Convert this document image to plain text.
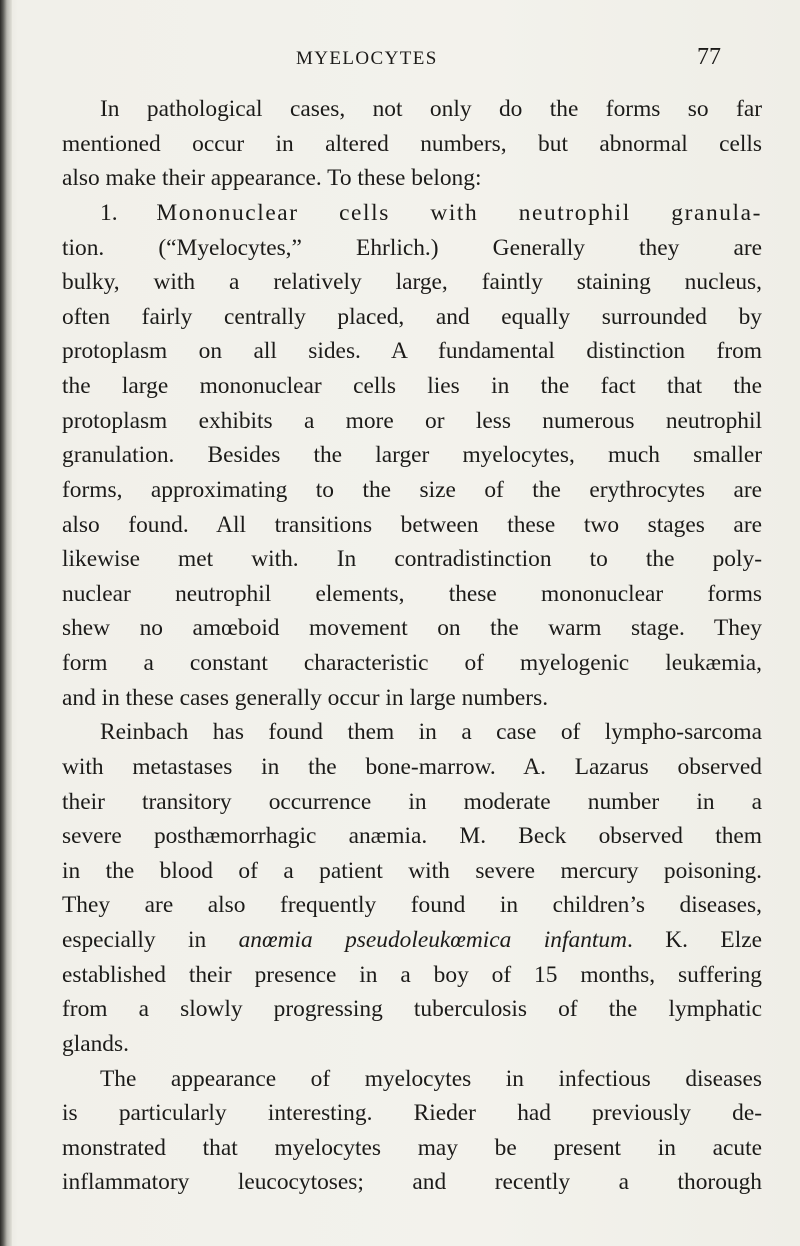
MYELOCYTES	77
In pathological cases, not only do the forms so far
mentioned occur in altered numbers, but abnormal cells
also make their appearance. To these belong:
1. Mononuclear cells with neutrophil granula-
tion. (“Myelocytes,” Ehrlich.) Generally they are
bulky, with a relatively large, faintly staining nucleus,
often fairly centrally placed, and equally surrounded by
protoplasm on all sides. A fundamental distinction from
the large mononuclear cells lies in the fact that the
protoplasm exhibits a more or less numerous neutrophil
granulation. Besides the larger myelocytes, much smaller
forms, approximating to the size of the erythrocytes are
also found. All transitions between these two stages are
likewise met with. In contradistinction to the poly-
nuclear neutrophil elements, these mononuclear forms
shew no amœboid movement on the warm stage. They
form a constant characteristic of myelogenic leukæmia,
and in these cases generally occur in large numbers.
Reinbach has found them in a case of lympho-sarcoma
with metastases in the bone-marrow. A. Lazarus observed
their transitory occurrence in moderate number in a
severe posthæmorrhagic anæmia. M. Beck observed them
in the blood of a patient with severe mercury poisoning.
They are also frequently found in children’s diseases,
especially in anœmia pseudoleukœmica infantum. K. Elze
established their presence in a boy of 15 months, suffering
from a slowly progressing tuberculosis of the lymphatic
glands.
The appearance of myelocytes in infectious diseases
is particularly interesting. Rieder had previously de-
monstrated that myelocytes may be present in acute
inflammatory leucocytoses; and recently a thorough
